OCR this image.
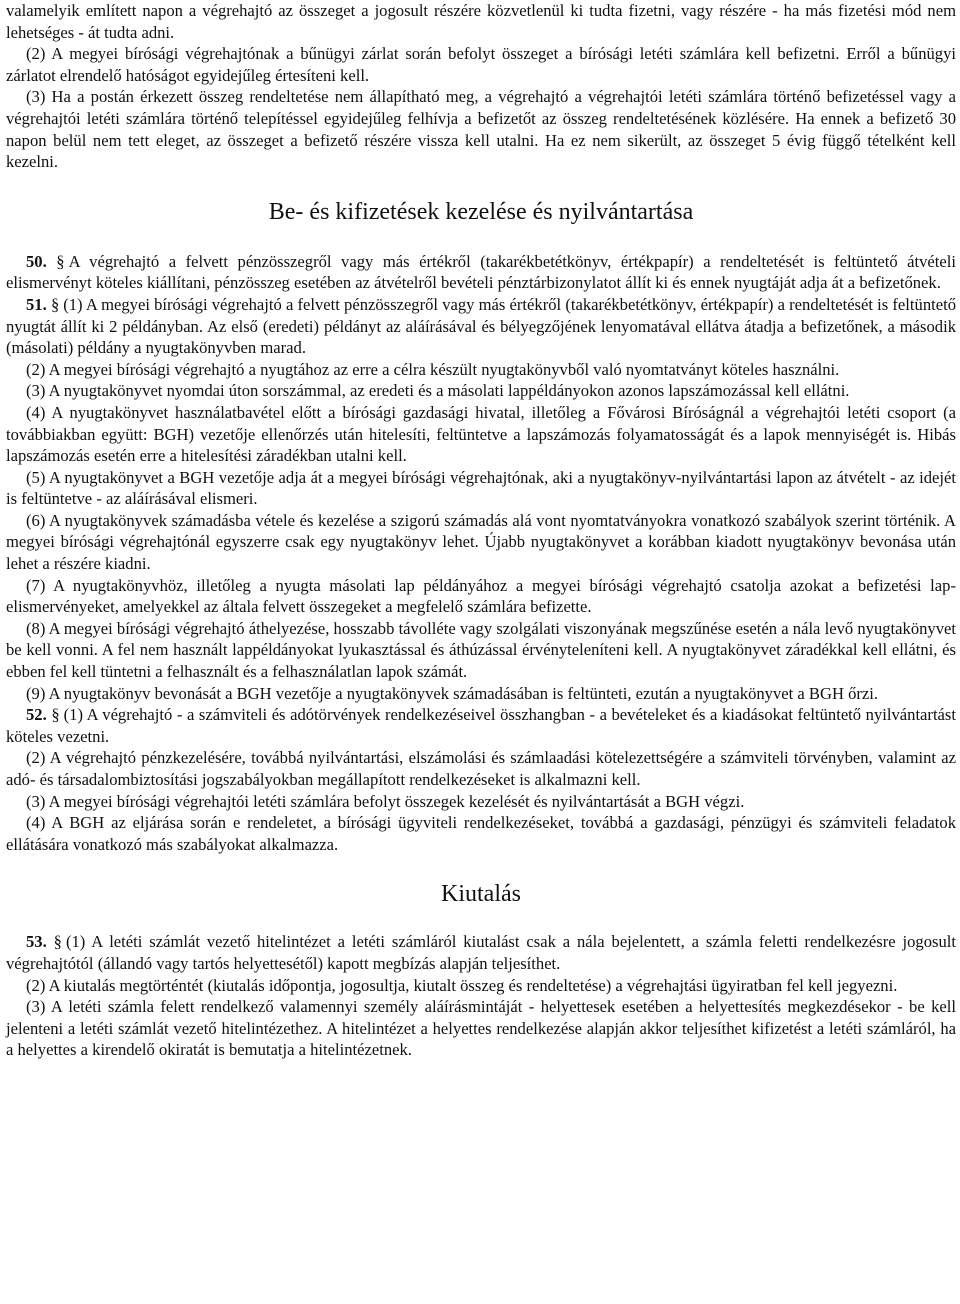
valamelyik említett napon a végrehajtó az összeget a jogosult részére közvetlenül ki tudta fizetni, vagy részére - ha más fizetési mód nem lehetséges - át tudta adni.

(2) A megyei bírósági végrehajtónak a bűnügyi zárlat során befolyt összeget a bírósági letéti számlára kell befizetni. Erről a bűnügyi zárlatot elrendelő hatóságot egyidejűleg értesíteni kell.

(3) Ha a postán érkezett összeg rendeltetése nem állapítható meg, a végrehajtó a végrehajtói letéti számlára történő befizetéssel vagy a végrehajtói letéti számlára történő telepítéssel egyidejűleg felhívja a befizetőt az összeg rendeltetésének közlésére. Ha ennek a befizető 30 napon belül nem tett eleget, az összeget a befizető részére vissza kell utalni. Ha ez nem sikerült, az összeget 5 évig függő tételként kell kezelni.

Be- és kifizetések kezelése és nyilvántartása

50. § A végrehajtó a felvett pénzösszegről vagy más értékről (takarékbetétkönyv, értékpapír) a rendeltetését is feltüntető átvételi elismervényt köteles kiállítani, pénzösszeg esetében az átvételről bevételi pénztárbizonylatot állít ki és ennek nyugtáját adja át a befizetőnek.

51. § (1) A megyei bírósági végrehajtó a felvett pénzösszegről vagy más értékről (takarékbetétkönyv, értékpapír) a rendeltetését is feltüntető nyugtát állít ki 2 példányban. Az első (eredeti) példányt az aláírásával és bélyegzőjének lenyomatával ellátva átadja a befizetőnek, a második (másolati) példány a nyugtakönyvben marad.

(2) A megyei bírósági végrehajtó a nyugtához az erre a célra készült nyugtakönyvből való nyomtatványt köteles használni.

(3) A nyugtakönyvet nyomdai úton sorszámmal, az eredeti és a másolati lappéldányokon azonos lapszámozással kell ellátni.

(4) A nyugtakönyvet használatbavétel előtt a bírósági gazdasági hivatal, illetőleg a Fővárosi Bíróságnál a végrehajtói letéti csoport (a továbbiakban együtt: BGH) vezetője ellenőrzés után hitelesíti, feltüntetve a lapszámozás folyamatosságát és a lapok mennyiségét is. Hibás lapszámozás esetén erre a hitelesítési záradékban utalni kell.

(5) A nyugtakönyvet a BGH vezetője adja át a megyei bírósági végrehajtónak, aki a nyugtakönyv-nyilvántartási lapon az átvételt - az idejét is feltüntetve - az aláírásával elismeri.

(6) A nyugtakönyvek számadásba vétele és kezelése a szigorú számadás alá vont nyomtatványokra vonatkozó szabályok szerint történik. A megyei bírósági végrehajtónál egyszerre csak egy nyugtakönyv lehet. Újabb nyugtakönyvet a korábban kiadott nyugtakönyv bevonása után lehet a részére kiadni.

(7) A nyugtakönyvhöz, illetőleg a nyugta másolati lap példányához a megyei bírósági végrehajtó csatolja azokat a befizetési lap-elismervényeket, amelyekkel az általa felvett összegeket a megfelelő számlára befizette.

(8) A megyei bírósági végrehajtó áthelyezése, hosszabb távolléte vagy szolgálati viszonyának megszűnése esetén a nála levő nyugtakönyvet be kell vonni. A fel nem használt lappéldányokat lyukasztással és áthúzással érvényteleníteni kell. A nyugtakönyvet záradékkal kell ellátni, és ebben fel kell tüntetni a felhasznált és a felhasználatlan lapok számát.

(9) A nyugtakönyv bevonását a BGH vezetője a nyugtakönyvek számadásában is feltünteti, ezután a nyugtakönyvet a BGH őrzi.

52. § (1) A végrehajtó - a számviteli és adótörvények rendelkezéseivel összhangban - a bevételeket és a kiadásokat feltüntető nyilvántartást köteles vezetni.

(2) A végrehajtó pénzkezelésére, továbbá nyilvántartási, elszámolási és számlaadási kötelezettségére a számviteli törvényben, valamint az adó- és társadalombiztosítási jogszabályokban megállapított rendelkezéseket is alkalmazni kell.

(3) A megyei bírósági végrehajtói letéti számlára befolyt összegek kezelését és nyilvántartását a BGH végzi.

(4) A BGH az eljárása során e rendeletet, a bírósági ügyviteli rendelkezéseket, továbbá a gazdasági, pénzügyi és számviteli feladatok ellátására vonatkozó más szabályokat alkalmazza.

Kiutalás

53. § (1) A letéti számlát vezető hitelintézet a letéti számláról kiutalást csak a nála bejelentett, a számla feletti rendelkezésre jogosult végrehajtótól (állandó vagy tartós helyettesétől) kapott megbízás alapján teljesíthet.

(2) A kiutalás megtörténtét (kiutalás időpontja, jogosultja, kiutalt összeg és rendeltetése) a végrehajtási ügyiratban fel kell jegyezni.

(3) A letéti számla felett rendelkező valamennyi személy aláírásmintáját - helyettesek esetében a helyettesítés megkezdésekor - be kell jelenteni a letéti számlát vezető hitelintézethez. A hitelintézet a helyettes rendelkezése alapján akkor teljesíthet kifizetést a letéti számláról, ha a helyettes a kirendelő okiratát is bemutatja a hitelintézetnek.
